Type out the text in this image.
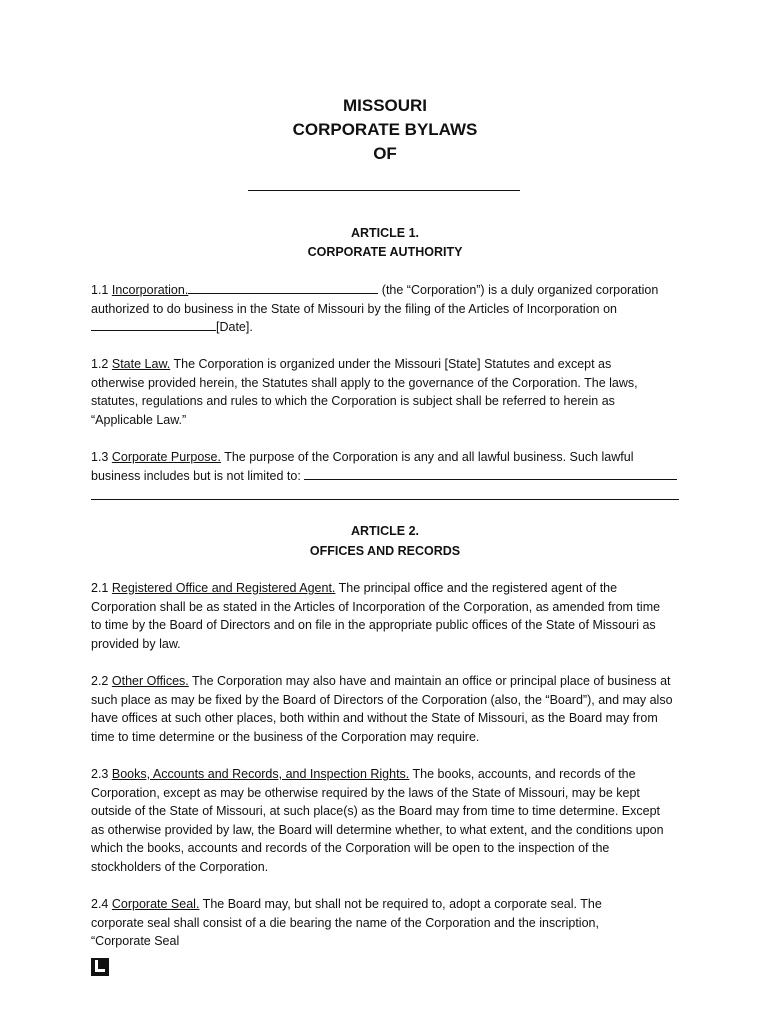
MISSOURI
CORPORATE BYLAWS
OF
ARTICLE 1.
CORPORATE AUTHORITY
1.1 Incorporation.	(the “Corporation”) is a duly organized corporation
authorized to do business in the State of Missouri by the filing of the Articles of Incorporation on
[Date].
1.2 State Law. The Corporation is organized under the Missouri [State] Statutes and except as
otherwise provided herein, the Statutes shall apply to the governance of the Corporation. The laws,
statutes, regulations and rules to which the Corporation is subject shall be referred to herein as
“Applicable Law.”
1.3 Corporate Purpose. The purpose of the Corporation is any and all lawful business. Such lawful
business includes but is not limited to:
ARTICLE 2.
OFFICES AND RECORDS
2.1 Registered Office and Registered Agent. The principal office and the registered agent of the
Corporation shall be as stated in the Articles of Incorporation of the Corporation, as amended from time
to time by the Board of Directors and on file in the appropriate public offices of the State of Missouri as
provided by law.
2.2 Other Offices. The Corporation may also have and maintain an office or principal place of business at
such place as may be fixed by the Board of Directors of the Corporation (also, the “Board”), and may also
have offices at such other places, both within and without the State of Missouri, as the Board may from
time to time determine or the business of the Corporation may require.
2.3 Books, Accounts and Records, and Inspection Rights. The books, accounts, and records of the
Corporation, except as may be otherwise required by the laws of the State of Missouri, may be kept
outside of the State of Missouri, at such place(s) as the Board may from time to time determine. Except
as otherwise provided by law, the Board will determine whether, to what extent, and the conditions upon
which the books, accounts and records of the Corporation will be open to the inspection of the
stockholders of the Corporation.
2.4 Corporate Seal. The Board may, but shall not be required to, adopt a corporate seal. The
corporate seal shall consist of a die bearing the name of the Corporation and the inscription,
“Corporate Seal
